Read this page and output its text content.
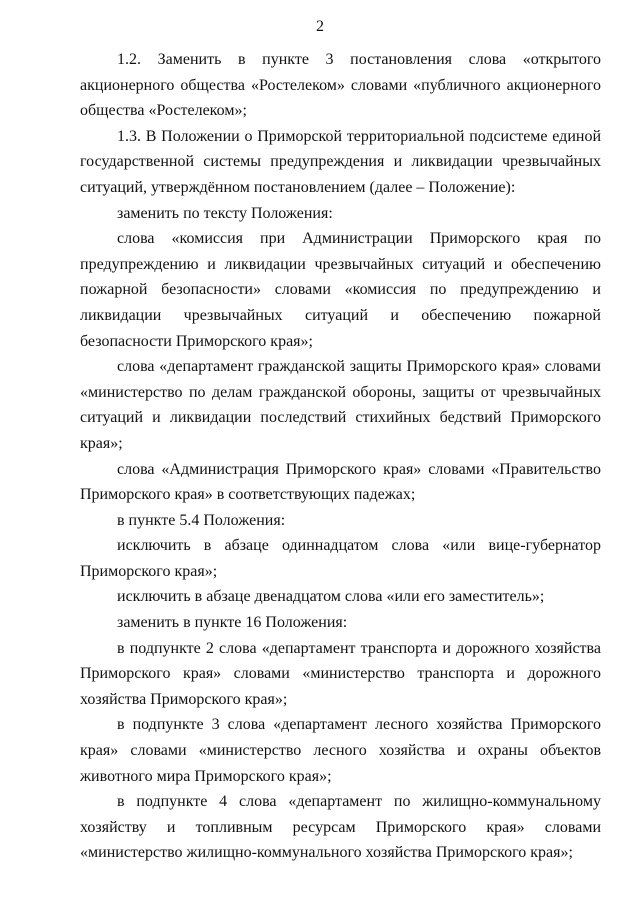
2

1.2. Заменить в пункте 3 постановления слова «открытого акционерного общества «Ростелеком» словами «публичного акционерного общества «Ростелеком»;

1.3. В Положении о Приморской территориальной подсистеме единой государственной системы предупреждения и ликвидации чрезвычайных ситуаций, утверждённом постановлением (далее – Положение):

заменить по тексту Положения:

слова «комиссия при Администрации Приморского края по предупреждению и ликвидации чрезвычайных ситуаций и обеспечению пожарной безопасности» словами «комиссия по предупреждению и ликвидации чрезвычайных ситуаций и обеспечению пожарной безопасности Приморского края»;

слова «департамент гражданской защиты Приморского края» словами «министерство по делам гражданской обороны, защиты от чрезвычайных ситуаций и ликвидации последствий стихийных бедствий Приморского края»;

слова «Администрация Приморского края» словами «Правительство Приморского края» в соответствующих падежах;

в пункте 5.4 Положения:

исключить в абзаце одиннадцатом слова «или вице-губернатор Приморского края»;

исключить в абзаце двенадцатом слова «или его заместитель»;

заменить в пункте 16 Положения:

в подпункте 2 слова «департамент транспорта и дорожного хозяйства Приморского края» словами «министерство транспорта и дорожного хозяйства Приморского края»;

в подпункте 3 слова «департамент лесного хозяйства Приморского края» словами «министерство лесного хозяйства и охраны объектов животного мира Приморского края»;

в подпункте 4 слова «департамент по жилищно-коммунальному хозяйству и топливным ресурсам Приморского края» словами «министерство жилищно-коммунального хозяйства Приморского края»;
